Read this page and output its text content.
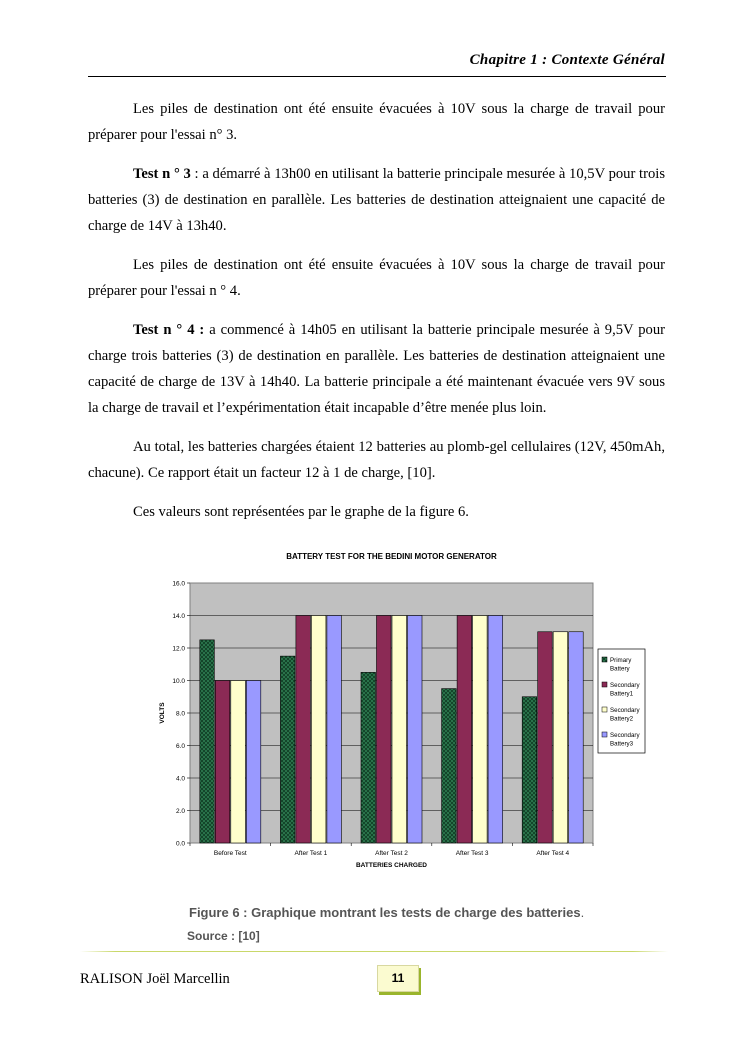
Chapitre 1 : Contexte Général

Les piles de destination ont été ensuite évacuées à 10V sous la charge de travail pour préparer pour l'essai n° 3.

Test n ° 3 : a démarré à 13h00 en utilisant la batterie principale mesurée à 10,5V pour trois batteries (3) de destination en parallèle. Les batteries de destination atteignaient une capacité de charge de 14V à 13h40.

Les piles de destination ont été ensuite évacuées à 10V sous la charge de travail pour préparer pour l'essai n ° 4.

Test n ° 4 : a commencé à 14h05 en utilisant la batterie principale mesurée à 9,5V pour charge trois batteries (3) de destination en parallèle. Les batteries de destination atteignaient une capacité de charge de 13V à 14h40. La batterie principale a été maintenant évacuée vers 9V sous la charge de travail et l’expérimentation était incapable d’être menée plus loin.

Au total, les batteries chargées étaient 12 batteries au plomb-gel cellulaires (12V, 450mAh, chacune). Ce rapport était un facteur 12 à 1 de charge, [10].

Ces valeurs sont représentées par le graphe de la figure 6.

BATTERY TEST FOR THE BEDINI MOTOR GENERATOR
0.0
2.0
4.0
6.0
8.0
10.0
12.0
14.0
16.0
Before Test	After Test 1	After Test 2	After Test 3	After Test 4
BATTERIES CHARGED
VOLTS
Primary
Battery
Secondary
Battery1
Secondary
Battery2
Secondary
Battery3
Figure 6 : Graphique montrant les tests de charge des batteries.
Source : [10]
RALISON Joël Marcellin	11
